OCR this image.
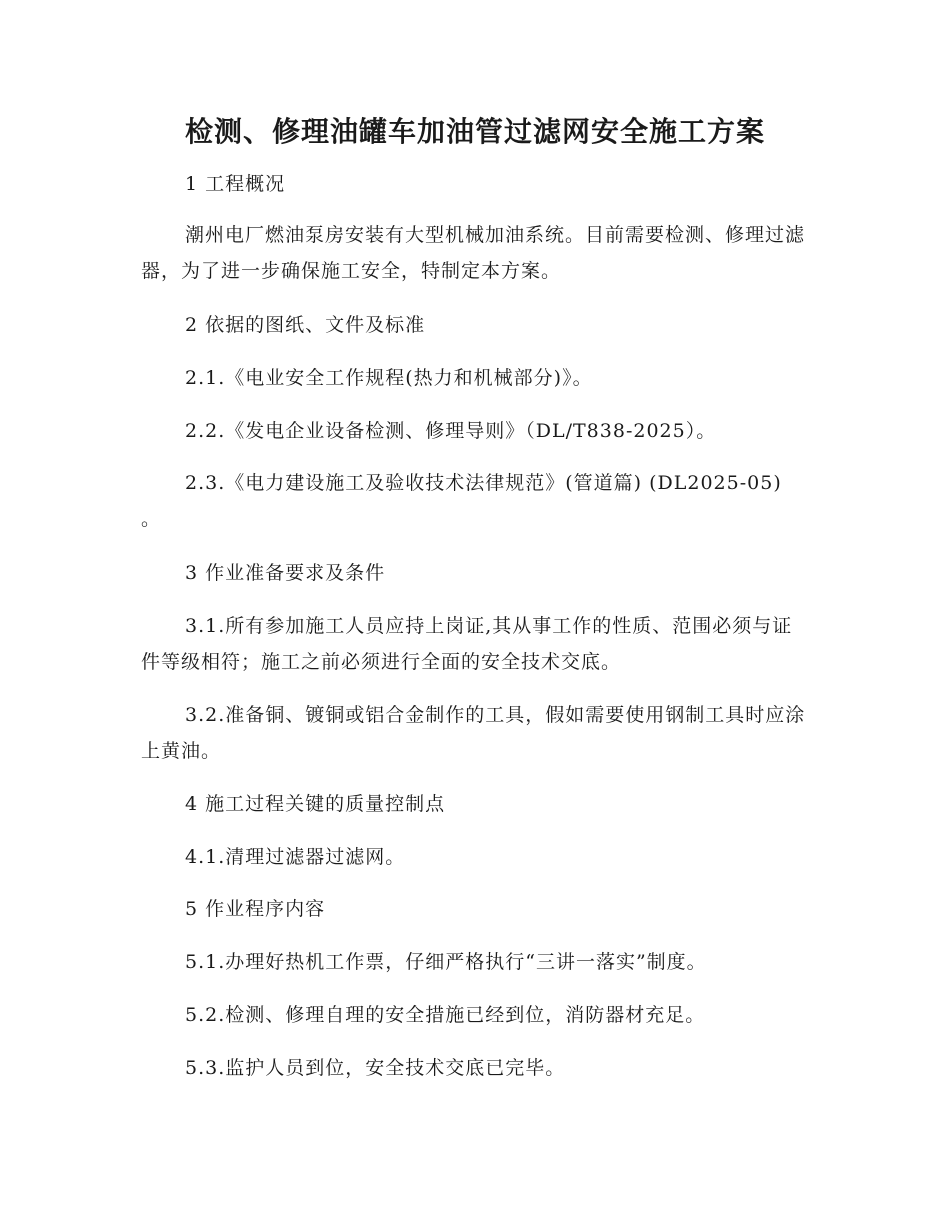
检测、修理油罐车加油管过滤网安全施工方案

1 工程概况

潮州电厂燃油泵房安装有大型机械加油系统。目前需要检测、修理过滤器，为了进一步确保施工安全，特制定本方案。

2 依据的图纸、文件及标准

2.1.《电业安全工作规程(热力和机械部分)》。

2.2.《发电企业设备检测、修理导则》（DL/T838-2025）。

2.3.《电力建设施工及验收技术法律规范》(管道篇) (DL2025-05) 。

3 作业准备要求及条件

3.1.所有参加施工人员应持上岗证,其从事工作的性质、范围必须与证件等级相符；施工之前必须进行全面的安全技术交底。

3.2.准备铜、镀铜或铝合金制作的工具，假如需要使用钢制工具时应涂上黄油。

4 施工过程关键的质量控制点

4.1.清理过滤器过滤网。

5 作业程序内容

5.1.办理好热机工作票，仔细严格执行“三讲一落实”制度。

5.2.检测、修理自理的安全措施已经到位，消防器材充足。

5.3.监护人员到位，安全技术交底已完毕。
